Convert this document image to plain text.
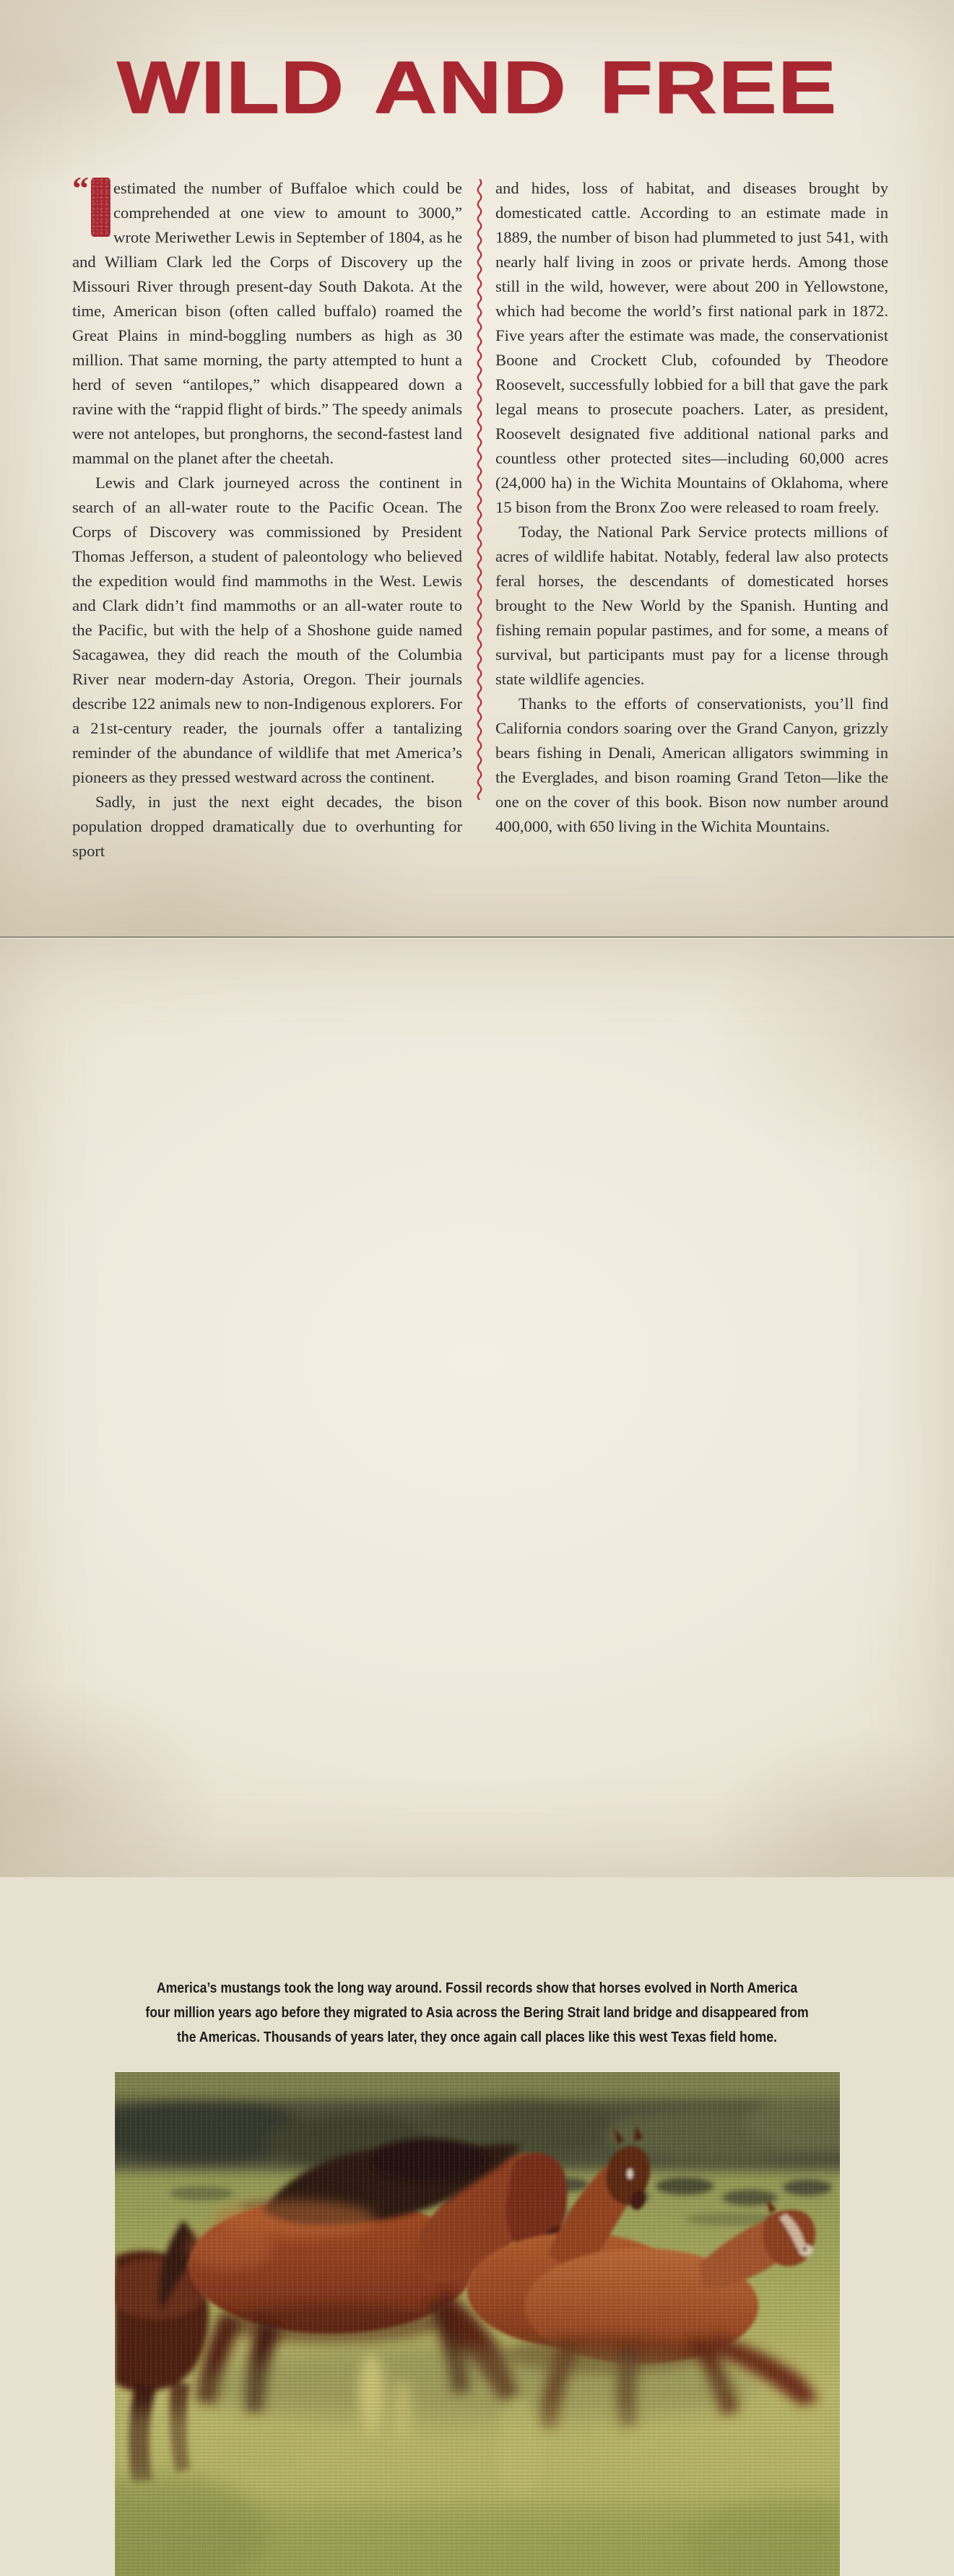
WILD AND FREE

“ estimated the number of Buffaloe which could be comprehended at one view to amount to 3000,” wrote Meriwether Lewis in September of 1804, as he and William Clark led the Corps of Discovery up the Missouri River through present-day South Dakota. At the time, American bison (often called buffalo) roamed the Great Plains in mind-boggling numbers as high as 30 million. That same morning, the party attempted to hunt a herd of seven “antilopes,” which disappeared down a ravine with the “rappid flight of birds.” The speedy animals were not antelopes, but pronghorns, the second-fastest land mammal on the planet after the cheetah.

Lewis and Clark journeyed across the continent in search of an all-water route to the Pacific Ocean. The Corps of Discovery was commissioned by President Thomas Jefferson, a student of paleontology who believed the expedition would find mammoths in the West. Lewis and Clark didn’t find mammoths or an all-water route to the Pacific, but with the help of a Shoshone guide named Sacagawea, they did reach the mouth of the Columbia River near modern-day Astoria, Oregon. Their journals describe 122 animals new to non-Indigenous explorers. For a 21st-century reader, the journals offer a tantalizing reminder of the abundance of wildlife that met America’s pioneers as they pressed westward across the continent.

Sadly, in just the next eight decades, the bison population dropped dramatically due to overhunting for sport

and hides, loss of habitat, and diseases brought by domesticated cattle. According to an estimate made in 1889, the number of bison had plummeted to just 541, with nearly half living in zoos or private herds. Among those still in the wild, however, were about 200 in Yellowstone, which had become the world’s first national park in 1872. Five years after the estimate was made, the conservationist Boone and Crockett Club, cofounded by Theodore Roosevelt, successfully lobbied for a bill that gave the park legal means to prosecute poachers. Later, as president, Roosevelt designated five additional national parks and countless other protected sites—including 60,000 acres (24,000 ha) in the Wichita Mountains of Oklahoma, where 15 bison from the Bronx Zoo were released to roam freely.

Today, the National Park Service protects millions of acres of wildlife habitat. Notably, federal law also protects feral horses, the descendants of domesticated horses brought to the New World by the Spanish. Hunting and fishing remain popular pastimes, and for some, a means of survival, but participants must pay for a license through state wildlife agencies.

Thanks to the efforts of conservationists, you’ll find California condors soaring over the Grand Canyon, grizzly bears fishing in Denali, American alligators swimming in the Everglades, and bison roaming Grand Teton—like the one on the cover of this book. Bison now number around 400,000, with 650 living in the Wichita Mountains.

America’s mustangs took the long way around. Fossil records show that horses evolved in North America
four million years ago before they migrated to Asia across the Bering Strait land bridge and disappeared from
the Americas. Thousands of years later, they once again call places like this west Texas field home.
